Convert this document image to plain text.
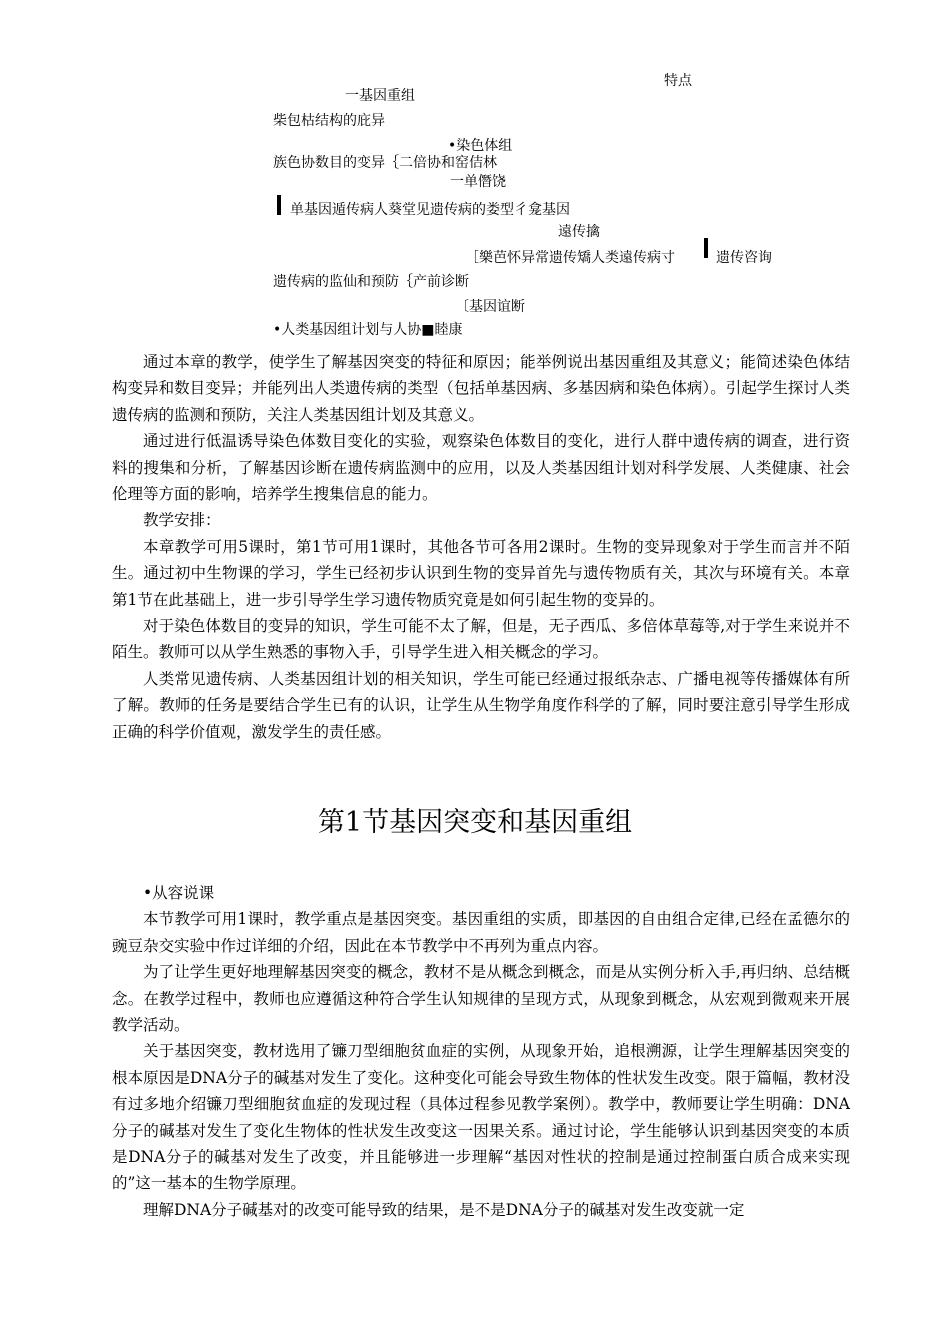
特点
一基因重组
柴包枯结构的庇异
•染色体组
族色协数目的变异｛二倍协和窑佶林
一单僭饶
单基因遁传病人葵堂见遗传病的娄型彳龛基因
遠传擒
［樂芭怀异常遗传矯人类遠传病寸	遗传咨询
遗传病的监仙和预防｛产前诊断
〔基因谊断
•人类基因组计划与人协■睦康

通过本章的教学，使学生了解基因突变的特征和原因；能举例说出基因重组及其意义；能简述染色体结构变异和数目变异；并能列出人类遗传病的类型（包括单基因病、多基因病和染色体病）。引起学生探讨人类遗传病的监测和预防，关注人类基因组计划及其意义。

通过进行低温诱导染色体数目变化的实验，观察染色体数目的变化，进行人群中遗传病的调查，进行资料的搜集和分析，了解基因诊断在遗传病监测中的应用，以及人类基因组计划对科学发展、人类健康、社会伦理等方面的影响，培养学生搜集信息的能力。

教学安排：

本章教学可用5课时，第1节可用1课时，其他各节可各用2课时。生物的变异现象对于学生而言并不陌生。通过初中生物课的学习，学生已经初步认识到生物的变异首先与遗传物质有关，其次与环境有关。本章第1节在此基础上，进一步引导学生学习遗传物质究竟是如何引起生物的变异的。

对于染色体数目的变异的知识，学生可能不太了解，但是，无子西瓜、多倍体草莓等,对于学生来说并不陌生。教师可以从学生熟悉的事物入手，引导学生进入相关概念的学习。

人类常见遗传病、人类基因组计划的相关知识，学生可能已经通过报纸杂志、广播电视等传播媒体有所了解。教师的任务是要结合学生已有的认识，让学生从生物学角度作科学的了解，同时要注意引导学生形成正确的科学价值观，激发学生的责任感。

第1节基因突变和基因重组

•从容说课

本节教学可用1课时，教学重点是基因突变。基因重组的实质，即基因的自由组合定律,已经在孟德尔的豌豆杂交实验中作过详细的介绍，因此在本节教学中不再列为重点内容。

为了让学生更好地理解基因突变的概念，教材不是从概念到概念，而是从实例分析入手,再归纳、总结概念。在教学过程中，教师也应遵循这种符合学生认知规律的呈现方式，从现象到概念，从宏观到微观来开展教学活动。

关于基因突变，教材选用了镰刀型细胞贫血症的实例，从现象开始，追根溯源，让学生理解基因突变的根本原因是DNA分子的碱基对发生了变化。这种变化可能会导致生物体的性状发生改变。限于篇幅，教材没有过多地介绍镰刀型细胞贫血症的发现过程（具体过程参见教学案例）。教学中，教师要让学生明确：DNA分子的碱基对发生了变化生物体的性状发生改变这一因果关系。通过讨论，学生能够认识到基因突变的本质是DNA分子的碱基对发生了改变，并且能够进一步理解“基因对性状的控制是通过控制蛋白质合成来实现的”这一基本的生物学原理。

理解DNA分子碱基对的改变可能导致的结果，是不是DNA分子的碱基对发生改变就一定
